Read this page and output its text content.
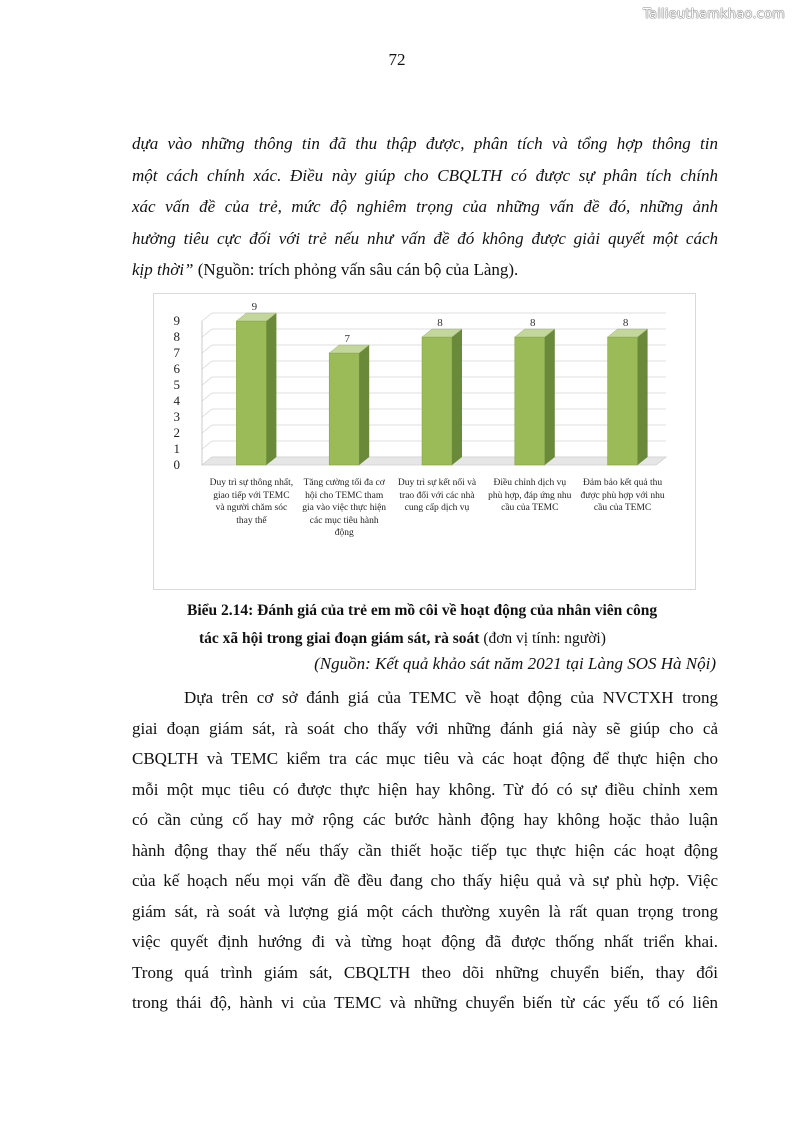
Tailieuthamkhao.com
72
dựa vào những thông tin đã thu thập được, phân tích và tổng hợp thông tin
một cách chính xác. Điều này giúp cho CBQLTH có được sự phân tích chính
xác vấn đề của trẻ, mức độ nghiêm trọng của những vấn đề đó, những ảnh
hưởng tiêu cực đối với trẻ nếu như vấn đề đó không được giải quyết một cách
kịp thời” (Nguồn: trích phỏng vấn sâu cán bộ của Làng).
0
1
2
3
4
5
6
7
8
9
9
7
8	8	8
Duy trì sự thông nhất, giao tiếp với TEMC và người chăm sóc thay thế
Tăng cường tối đa cơ hội cho TEMC tham gia vào việc thực hiện các mục tiêu hành động
Duy trì sự kết nối và trao đổi với các nhà cung cấp dịch vụ
Điều chỉnh dịch vụ phù hợp, đáp ứng nhu cầu của TEMC
Đảm bảo kết quả thu được phù hợp với nhu cầu của TEMC
Biểu 2.14: Đánh giá của trẻ em mồ côi về hoạt động của nhân viên công
tác xã hội trong giai đoạn giám sát, rà soát (đơn vị tính: người)
(Nguồn: Kết quả khảo sát năm 2021 tại Làng SOS Hà Nội)
Dựa trên cơ sở đánh giá của TEMC về hoạt động của NVCTXH trong
giai đoạn giám sát, rà soát cho thấy với những đánh giá này sẽ giúp cho cả
CBQLTH và TEMC kiểm tra các mục tiêu và các hoạt động để thực hiện cho
mỗi một mục tiêu có được thực hiện hay không. Từ đó có sự điều chỉnh xem
có cần củng cố hay mở rộng các bước hành động hay không hoặc thảo luận
hành động thay thế nếu thấy cần thiết hoặc tiếp tục thực hiện các hoạt động
của kế hoạch nếu mọi vấn đề đều đang cho thấy hiệu quả và sự phù hợp. Việc
giám sát, rà soát và lượng giá một cách thường xuyên là rất quan trọng trong
việc quyết định hướng đi và từng hoạt động đã được thống nhất triển khai.
Trong quá trình giám sát, CBQLTH theo dõi những chuyển biến, thay đổi
trong thái độ, hành vi của TEMC và những chuyển biến từ các yếu tố có liên
